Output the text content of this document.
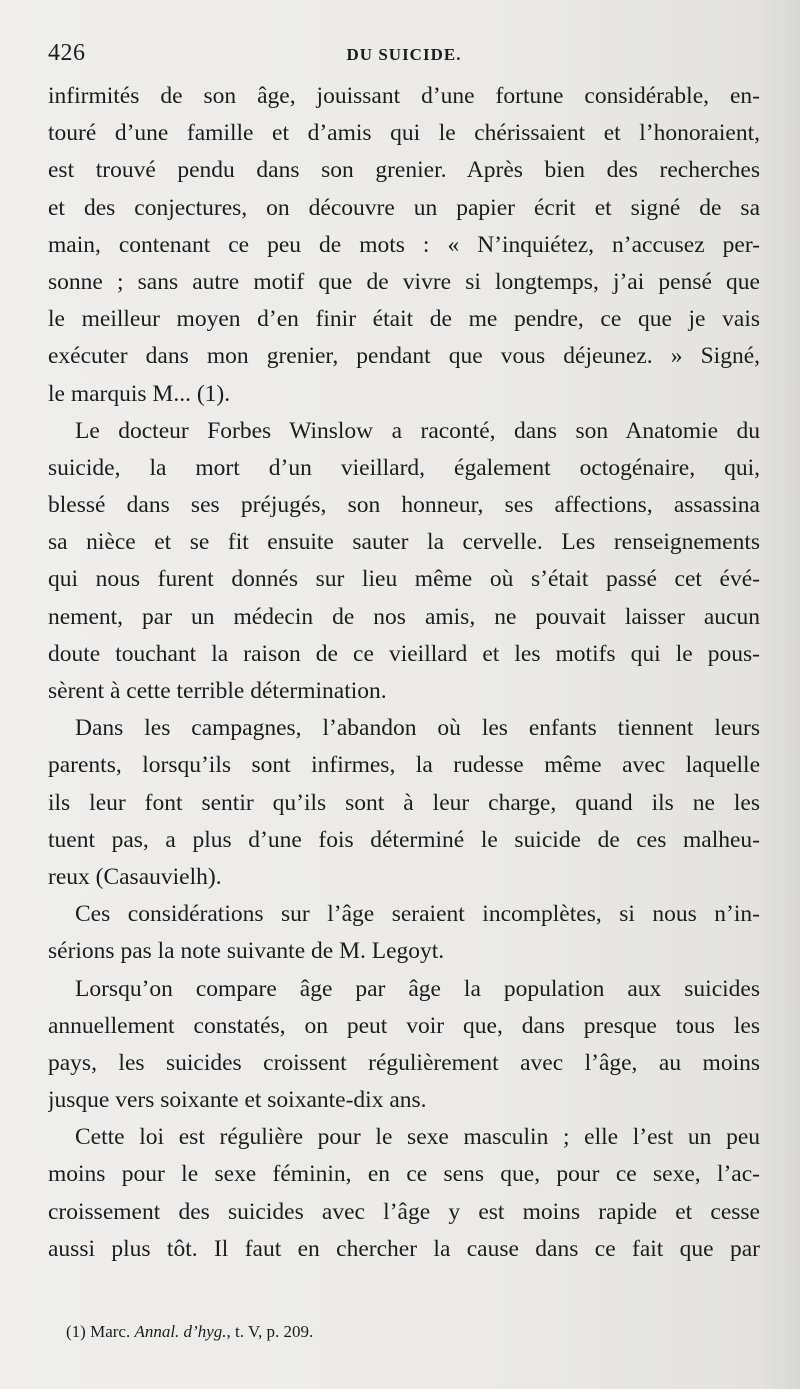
426	DU SUICIDE.
infirmités de son âge, jouissant d’une fortune considérable, en-
touré d’une famille et d’amis qui le chérissaient et l’honoraient,
est trouvé pendu dans son grenier. Après bien des recherches
et des conjectures, on découvre un papier écrit et signé de sa
main, contenant ce peu de mots : « N’inquiétez, n’accusez per-
sonne ; sans autre motif que de vivre si longtemps, j’ai pensé que
le meilleur moyen d’en finir était de me pendre, ce que je vais
exécuter dans mon grenier, pendant que vous déjeunez. » Signé,
le marquis M... (1).
Le docteur Forbes Winslow a raconté, dans son Anatomie du
suicide, la mort d’un vieillard, également octogénaire, qui,
blessé dans ses préjugés, son honneur, ses affections, assassina
sa nièce et se fit ensuite sauter la cervelle. Les renseignements
qui nous furent donnés sur lieu même où s’était passé cet évé-
nement, par un médecin de nos amis, ne pouvait laisser aucun
doute touchant la raison de ce vieillard et les motifs qui le pous-
sèrent à cette terrible détermination.
Dans les campagnes, l’abandon où les enfants tiennent leurs
parents, lorsqu’ils sont infirmes, la rudesse même avec laquelle
ils leur font sentir qu’ils sont à leur charge, quand ils ne les
tuent pas, a plus d’une fois déterminé le suicide de ces malheu-
reux (Casauvielh).
Ces considérations sur l’âge seraient incomplètes, si nous n’in-
sérions pas la note suivante de M. Legoyt.
Lorsqu’on compare âge par âge la population aux suicides
annuellement constatés, on peut voir que, dans presque tous les
pays, les suicides croissent régulièrement avec l’âge, au moins
jusque vers soixante et soixante-dix ans.
Cette loi est régulière pour le sexe masculin ; elle l’est un peu
moins pour le sexe féminin, en ce sens que, pour ce sexe, l’ac-
croissement des suicides avec l’âge y est moins rapide et cesse
aussi plus tôt. Il faut en chercher la cause dans ce fait que par
(1) Marc. Annal. d’hyg., t. V, p. 209.
